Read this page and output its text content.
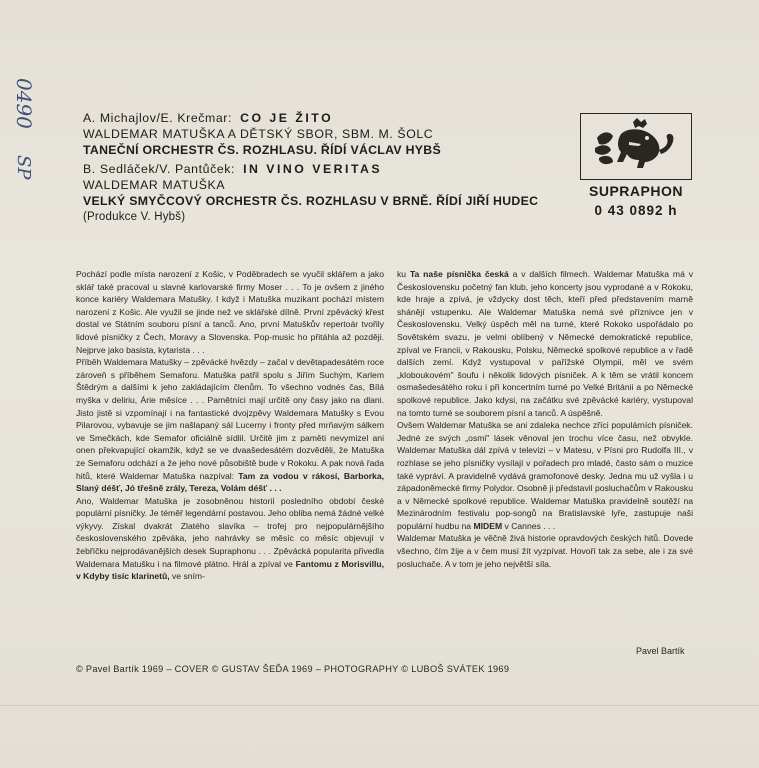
0490
SP
A. Michajlov/E. Krečmar: CO JE ŽITO
WALDEMAR MATUŠKA A DĚTSKÝ SBOR, SBM. M. ŠOLC
TANEČNÍ ORCHESTR ČS. ROZHLASU. ŘÍDÍ VÁCLAV HYBŠ
B. Sedláček/V. Pantůček: IN VINO VERITAS
WALDEMAR MATUŠKA
VELKÝ SMYČCOVÝ ORCHESTR ČS. ROZHLASU V BRNĚ. ŘÍDÍ JIŘÍ HUDEC
(Produkce V. Hybš)
SUPRAPHON
0 43 0892 h

Pochází podle místa narození z Košic, v Poděbradech se vyučil sklářem a jako sklář také pracoval u slavné karlovarské firmy Moser . . . To je ovšem z jiného konce kariéry Waldemara Matušky. I když i Matuška muzikant pochází místem narození z Košic. Ale využil se jinde než ve sklářské dílně. První zpěvácký křest dostal ve Státním souboru písní a tanců. Ano, první Matuškův repertoár tvořily lidové písničky z Čech, Moravy a Slovenska. Pop-music ho přitáhla až později. Nejprve jako basista, kytarista . . .

Příběh Waldemara Matušky – zpěvácké hvězdy – začal v devětapadesátém roce zároveň s příběhem Semaforu. Matuška patřil spolu s Jiřím Suchým, Karlem Štědrým a dalšími k jeho zakládajícím členům. To všechno vodnés čas, Bílá myška v deliriu, Árie měsíce . . . Pamětníci mají určitě ony časy jako na dlani. Jisto jistě si vzpomínají i na fantastické dvojzpěvy Waldemara Matušky s Evou Pilarovou, vybavuje se jim našlapaný sál Lucerny i fronty před mrňavým sálkem ve Smečkách, kde Semafor oficiálně sídlil. Určitě jim z paměti nevymizel ani onen překvapující okamžik, když se ve dvaašedesátém dozvěděli, že Matuška ze Semaforu odchází a že jeho nové působiště bude v Rokoku. A pak nová řada hitů, které Waldemar Matuška nazpíval: Tam za vodou v rákosí, Barborka, Slaný déšť, Jó třešně zrály, Tereza, Volám déšť . . .

Ano, Waldemar Matuška je zosobněnou historií posledního období české populární písničky. Je téměř legendární postavou. Jeho obliba nemá žádné velké výkyvy. Získal dvakrát Zlatého slavíka – trofej pro nejpopulárnějšího československého zpěváka, jeho nahrávky se měsíc co měsíc objevují v žebříčku nejprodávanějších desek Supraphonu . . . Zpěvácká popularita přivedla Waldemara Matušku i na filmové plátno. Hrál a zpíval ve Fantomu z Morisvillu, v Kdyby tisíc klarinetů, ve sním-

ku Ta naše písnička česká a v dalších filmech. Waldemar Matuška má v Československu početný fan klub, jeho koncerty jsou vyprodané a v Rokoku, kde hraje a zpívá, je vždycky dost těch, kteří před představením marně shánějí vstupenku. Ale Waldemar Matuška nemá své příznivce jen v Československu. Velký úspěch měl na turné, které Rokoko uspořádalo po Sovětském svazu, je velmi oblíbený v Německé demokratické republice, zpíval ve Francii, v Rakousku, Polsku, Německé spolkové republice a v řadě dalších zemí. Když vystupoval v pařížské Olympii, měl ve svém „kloboukovém" šoufu i několik lidových písniček. A k těm se vrátil koncem osmašedesátého roku i při koncertním turné po Velké Británii a po Německé spolkové republice. Jako kdysi, na začátku své zpěvácké kariéry, vystupoval na tomto turné se souborem písní a tanců. A úspěšně.

Ovšem Waldemar Matuška se ani zdaleka nechce zříci populárních písniček. Jedné ze svých „osmi" lásek věnoval jen trochu více času, než obvykle. Waldemar Matuška dál zpívá v televizi – v Matesu, v Písni pro Rudolfa III., v rozhlase se jeho písničky vysílají v pořadech pro mladé, často sám o muzice také vypráví. A pravidelně vydává gramofonové desky. Jedna mu už vyšla i u západoněmecké firmy Polydor. Osobně ji představil posluchačům v Rakousku a v Německé spolkové republice. Waldemar Matuška pravidelně soutěží na Mezinárodním festivalu pop-songů na Bratislavské lyře, zastupuje naši populární hudbu na MIDEM v Cannes . . .

Waldemar Matuška je věčně živá historie opravdových českých hitů. Dovede všechno, čím žije a v čem musí žít vyzpívat. Hovoří tak za sebe, ale i za své posluchače. A v tom je jeho největší síla.

Pavel Bartík
© Pavel Bartík 1969 – COVER © GUSTAV ŠEĎA 1969 – PHOTOGRAPHY © LUBOŠ SVÁTEK 1969
